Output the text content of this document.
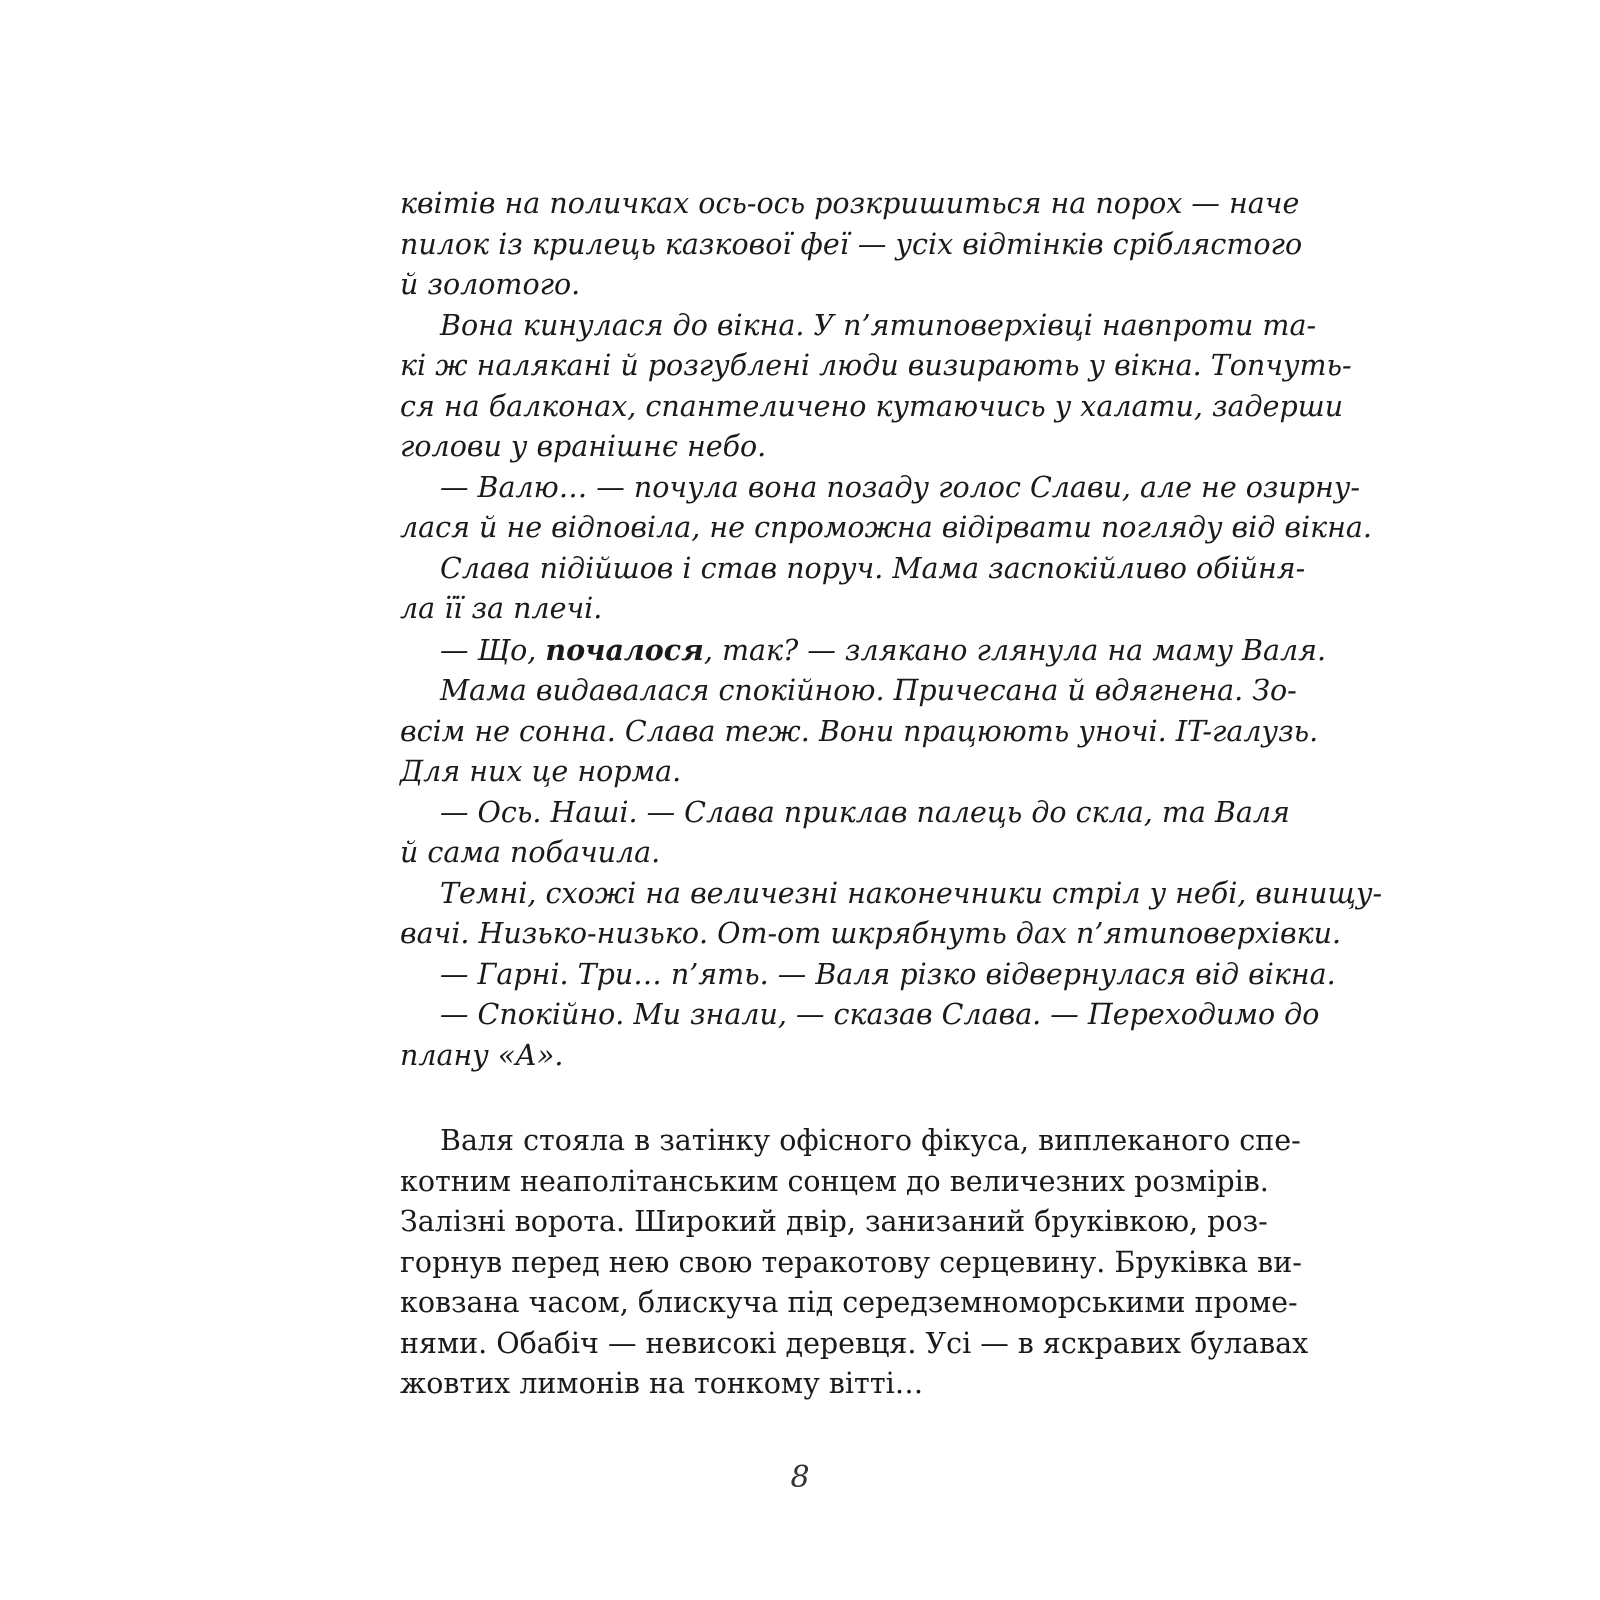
квітів на поличках ось-ось розкришиться на порох — наче
пилок із крилець казкової феї — усіх відтінків сріблястого
й золотого.
Вона кинулася до вікна. У п’ятиповерхівці навпроти та-
кі ж налякані й розгублені люди визирають у вікна. Топчуть-
ся на балконах, спантеличено кутаючись у халати, задерши
голови у вранішнє небо.
— Валю… — почула вона позаду голос Слави, але не озирну-
лася й не відповіла, не спроможна відірвати погляду від вікна.
Слава підійшов і став поруч. Мама заспокійливо обійня-
ла її за плечі.
— Що, почалося, так? — злякано глянула на маму Валя.
Мама видавалася спокійною. Причесана й вдягнена. Зо-
всім не сонна. Слава теж. Вони працюють уночі. IT-галузь.
Для них це норма.
— Ось. Наші. — Слава приклав палець до скла, та Валя
й сама побачила.
Темні, схожі на величезні наконечники стріл у небі, винищу-
вачі. Низько-низько. От-от шкрябнуть дах п’ятиповерхівки.
— Гарні. Три… п’ять. — Валя різко відвернулася від вікна.
— Спокійно. Ми знали, — сказав Слава. — Переходимо до
плану «А».
Валя стояла в затінку офісного фікуса, виплеканого спе-
котним неаполітанським сонцем до величезних розмірів.
Залізні ворота. Широкий двір, занизаний бруківкою, роз-
горнув перед нею свою теракотову серцевину. Бруківка ви-
ковзана часом, блискуча під середземноморськими проме-
нями. Обабіч — невисокі деревця. Усі — в яскравих булавах
жовтих лимонів на тонкому вітті…
8
